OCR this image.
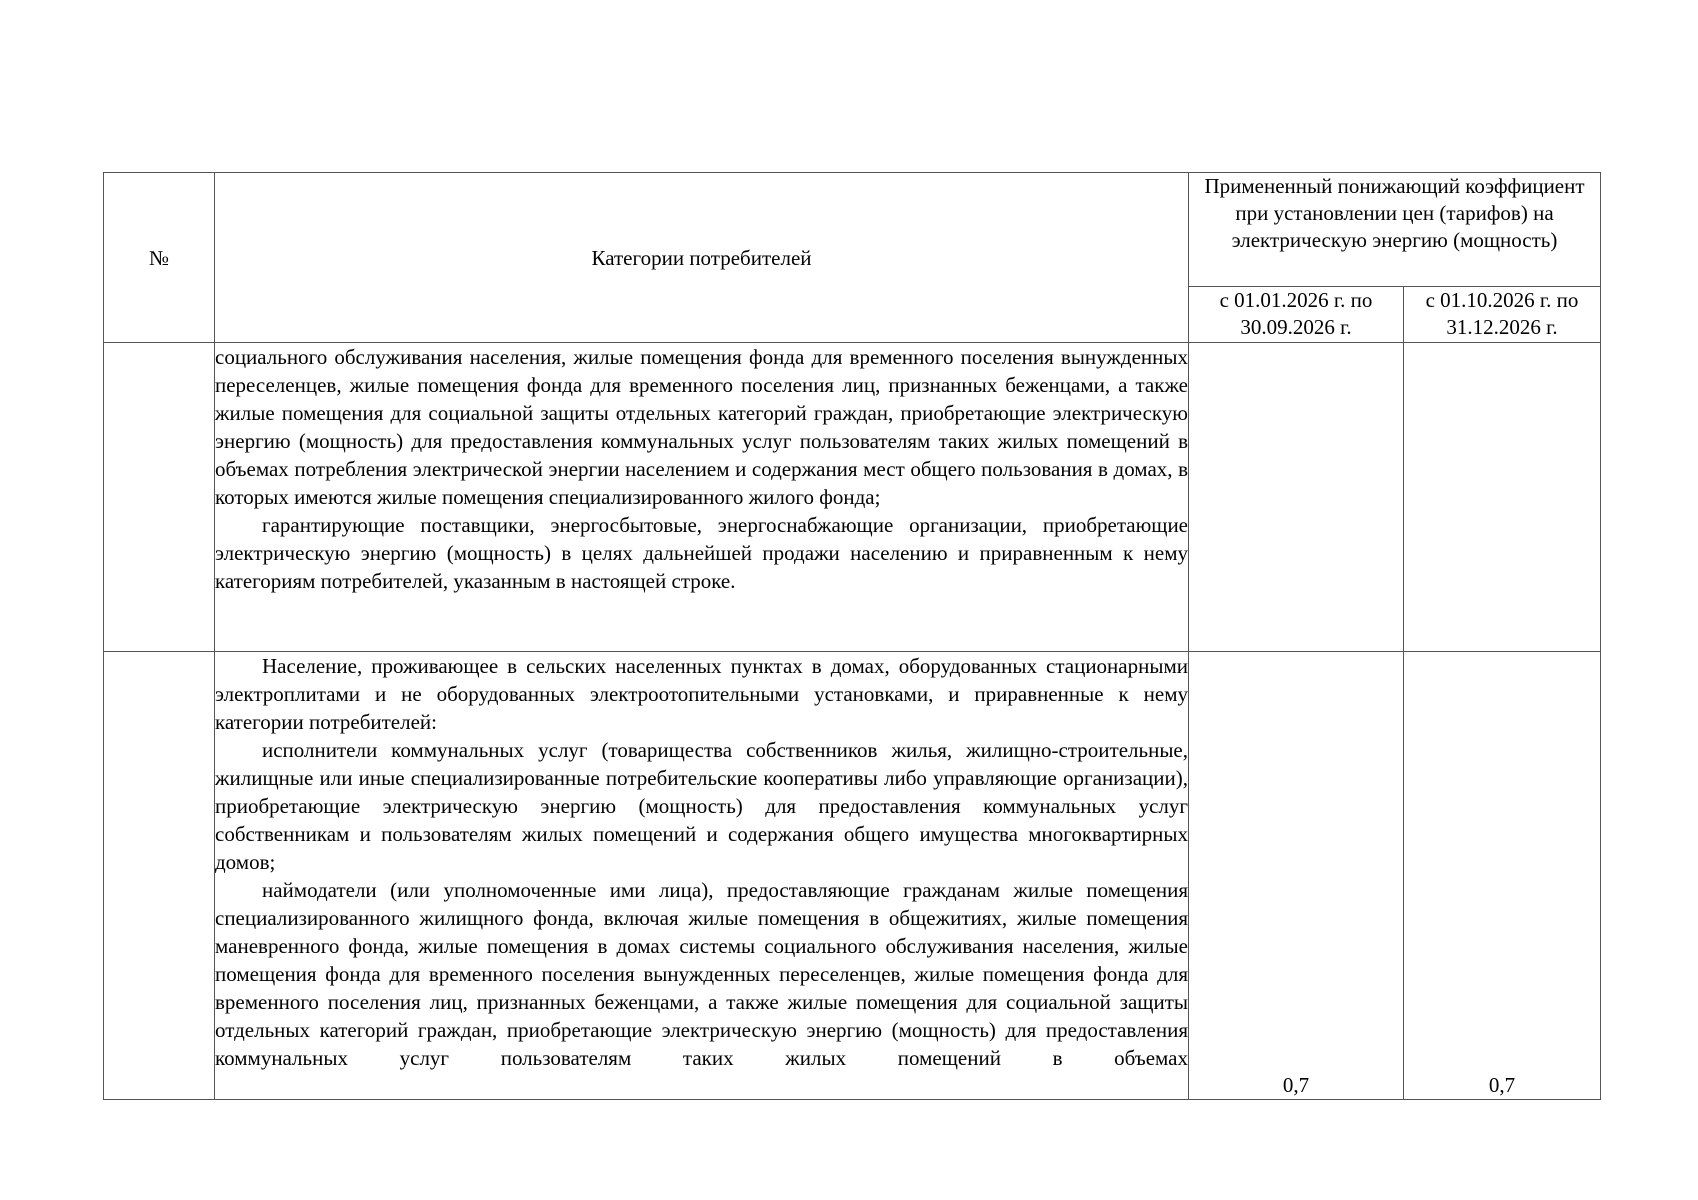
№	Категории потребителей	Примененный понижающий коэффициент при установлении цен (тарифов) на электрическую энергию (мощность)	
		с 01.01.2026 г. по 30.09.2026 г.	с 01.10.2026 г. по 31.12.2026 г.

	социального обслуживания населения, жилые помещения фонда для временного поселения вынужденных переселенцев, жилые помещения фонда для временного поселения лиц, признанных беженцами, а также жилые помещения для социальной защиты отдельных категорий граждан, приобретающие электрическую энергию (мощность) для предоставления коммунальных услуг пользователям таких жилых помещений в объемах потребления электрической энергии населением и содержания мест общего пользования в домах, в которых имеются жилые помещения специализированного жилого фонда;

гарантирующие поставщики, энергосбытовые, энергоснабжающие организации, приобретающие электрическую энергию (мощность) в целях дальнейшей продажи населению и приравненным к нему категориям потребителей, указанным в настоящей строке.		

	Население, проживающее в сельских населенных пунктах в домах, оборудованных стационарными электроплитами и не оборудованных электроотопительными установками, и приравненные к нему категории потребителей:

исполнители коммунальных услуг (товарищества собственников жилья, жилищно-строительные, жилищные или иные специализированные потребительские кооперативы либо управляющие организации), приобретающие электрическую энергию (мощность) для предоставления коммунальных услуг собственникам и пользователям жилых помещений и содержания общего имущества многоквартирных домов;

наймодатели (или уполномоченные ими лица), предоставляющие гражданам жилые помещения специализированного жилищного фонда, включая жилые помещения в общежитиях, жилые помещения маневренного фонда, жилые помещения в домах системы социального обслуживания населения, жилые помещения фонда для временного поселения вынужденных переселенцев, жилые помещения фонда для временного поселения лиц, признанных беженцами, а также жилые помещения для социальной защиты отдельных категорий граждан, приобретающие электрическую энергию (мощность) для предоставления коммунальных услуг пользователям таких жилых помещений в объемах	0,7	0,7
